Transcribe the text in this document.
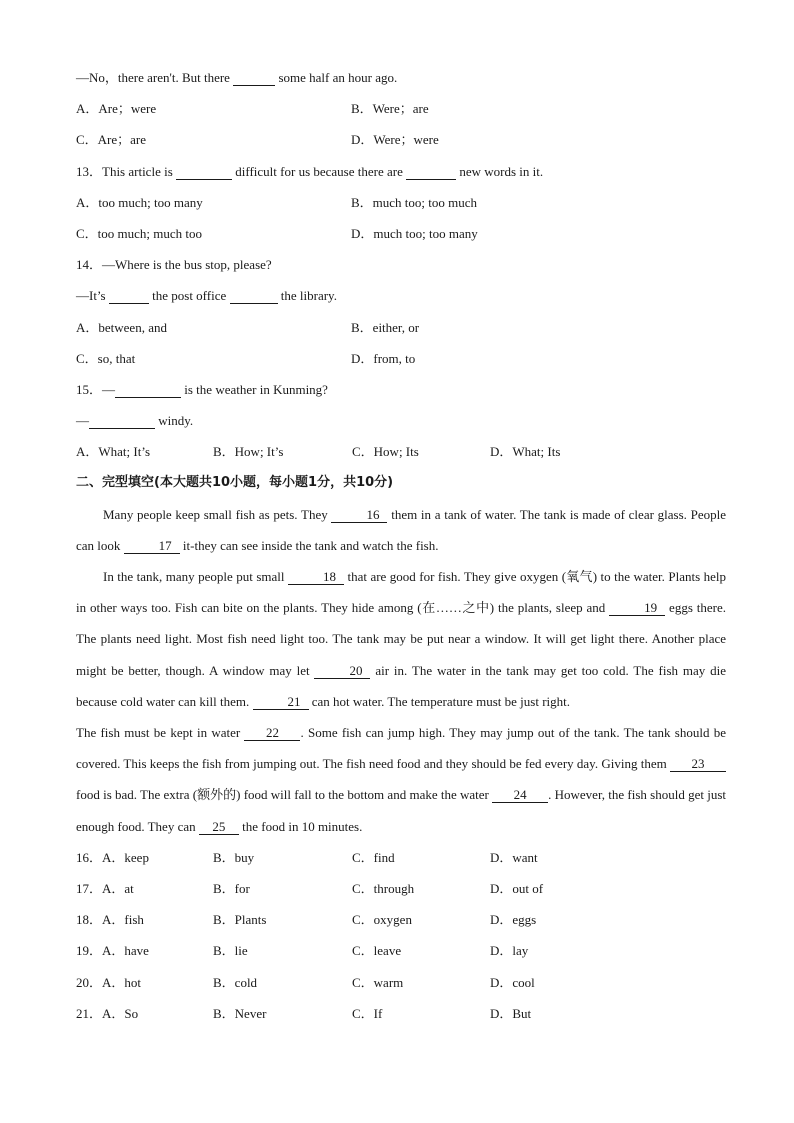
—No，there aren't. But there	some half an hour ago.
A．Are；were	B．Were；are
C．Are；are	D．Were；were
13．This article is	difficult for us because there are	new words in it.
A．too much; too many	B．much too; too much
C．too much; much too	D．much too; too many
14．—Where is the bus stop, please?
—It’s	the post office	the library.
A．between, and	B．either, or
C．so, that	D．from, to
15．—	is the weather in Kunming?
—	windy.
A．What; It’s	B．How; It’s	C．How; Its	D．What; Its
二、完型填空(本大题共10小题，每小题1分，共10分)
Many people keep small fish as pets. They	16 them in a tank of water. The tank is made of clear glass. People can look	17 it-they can see inside the tank and watch the fish.
In the tank, many people put small	18 that are good for fish. They give oxygen (氧气) to the water. Plants help in other ways too. Fish can bite on the plants. They hide among (在……之中) the plants, sleep and	19 eggs there. The plants need light. Most fish need light too. The tank may be put near a window. It will get light there. Another place might be better, though. A window may let	20 air in. The water in the tank may get too cold. The fish may die because cold water can kill them.	21 can hot water. The temperature must be just right.
The fish must be kept in water 22 . Some fish can jump high. They may jump out of the tank. The tank should be covered. This keeps the fish from jumping out. The fish need food and they should be fed every day. Giving them 23 food is bad. The extra (额外的) food will fall to the bottom and make the water 24 . However, the fish should get just enough food. They can 25 the food in 10 minutes.
16．A．keep	B．buy	C．find	D．want
17．A．at	B．for	C．through	D．out of
18．A．fish	B．Plants	C．oxygen	D．eggs
19．A．have	B．lie	C．leave	D．lay
20．A．hot	B．cold	C．warm	D．cool
21．A．So	B．Never	C．If	D．But
